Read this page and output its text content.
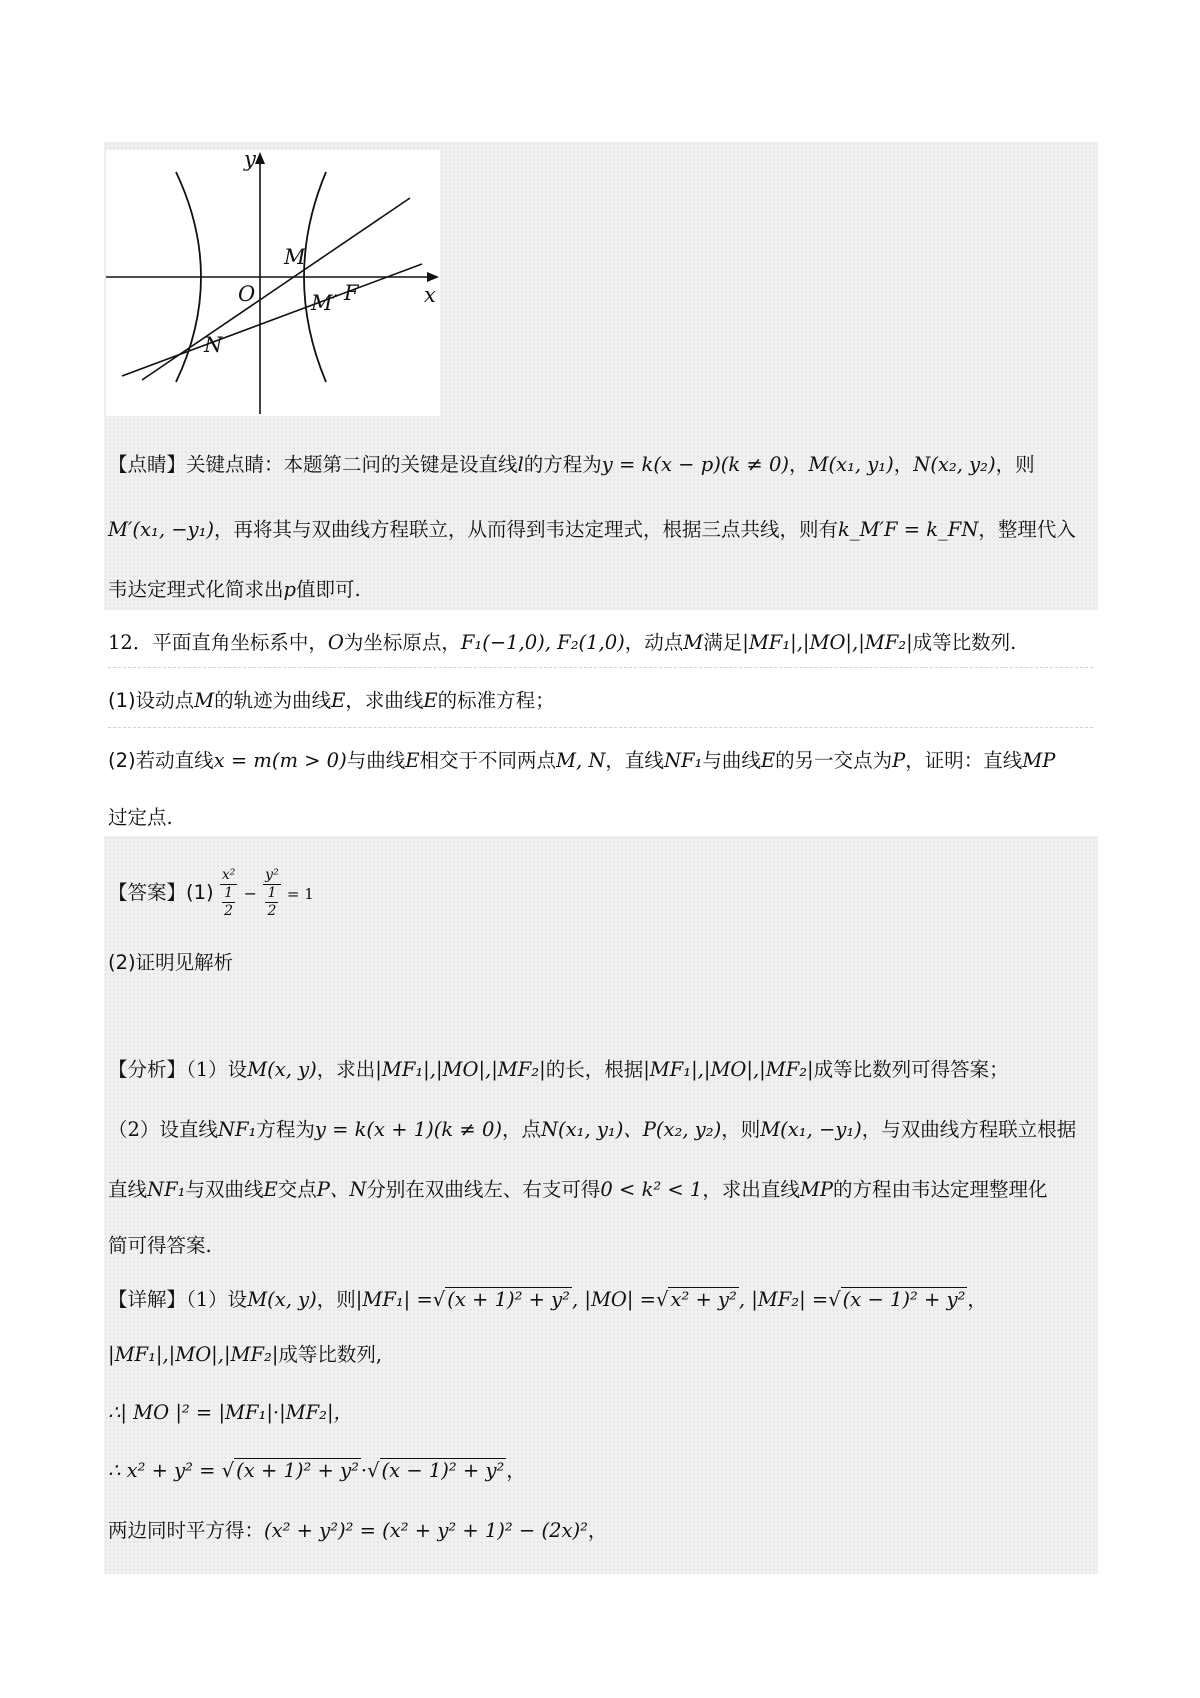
y
x
O
M
M′ F
N
【点睛】关键点睛：本题第二问的关键是设直线l的方程为y = k(x − p)(k ≠ 0)，M(x₁, y₁)，N(x₂, y₂)，则
M′(x₁, −y₁)，再将其与双曲线方程联立，从而得到韦达定理式，根据三点共线，则有k_M′F = k_FN，整理代入
韦达定理式化简求出p值即可.
12．平面直角坐标系中，O为坐标原点，F₁(−1,0), F₂(1,0)，动点M满足|MF₁|,|MO|,|MF₂|成等比数列.
(1)设动点M的轨迹为曲线E，求曲线E的标准方程；
(2)若动直线x = m(m > 0)与曲线E相交于不同两点M, N，直线NF₁与曲线E的另一交点为P，证明：直线MP
过定点.
【答案】$(1) \frac{\text{x²}}{\frac{1}{2}} - \frac{\text{y²}}{\frac{1}{2}} = 1$
(2)证明见解析
【分析】（1）设M(x, y)，求出|MF₁|,|MO|,|MF₂|的长，根据|MF₁|,|MO|,|MF₂|成等比数列可得答案；
（2）设直线NF₁方程为y = k(x + 1)(k ≠ 0)，点N(x₁, y₁)、P(x₂, y₂)，则M(x₁, −y₁)，与双曲线方程联立根据
直线NF₁与双曲线E交点P、N分别在双曲线左、右支可得0 < k² < 1，求出直线MP的方程由韦达定理整理化
简可得答案.
【详解】（1）设M(x, y)，则|MF₁| =√ (x + 1)² + y² , |MO| =√ x² + y² , |MF₂| =√ (x − 1)² + y² ，
|MF₁|,|MO|,|MF₂|成等比数列,
∴| MO |² = |MF₁|·|MF₂|，
∴ x² + y² = √ (x + 1)² + y² ·√ (x − 1)² + y² ，
两边同时平方得：(x² + y²)² = (x² + y² + 1)² − (2x)²，
